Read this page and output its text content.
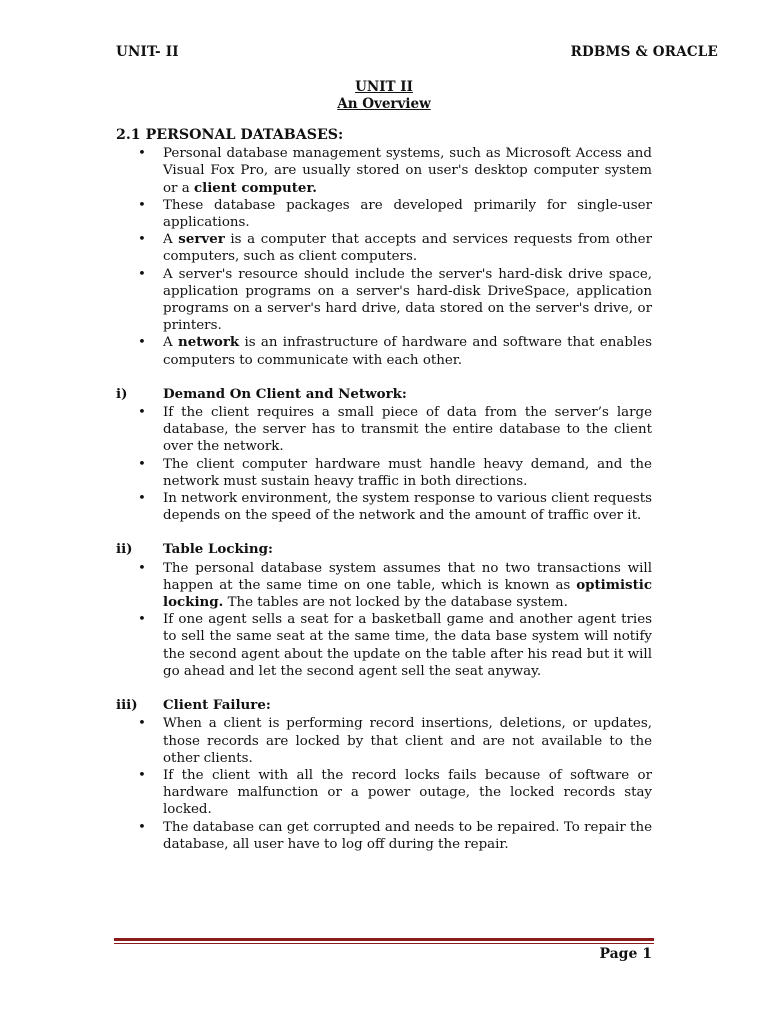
UNIT- II	RDBMS & ORACLE
UNIT II
An Overview
2.1 PERSONAL DATABASES:
• Personal database management systems, such as Microsoft Access and Visual Fox Pro, are usually stored on user's desktop computer system or a client computer.
• These database packages are developed primarily for single-user applications.
• A server is a computer that accepts and services requests from other computers, such as client computers.
• A server's resource should include the server's hard-disk drive space, application programs on a server's hard-disk DriveSpace, application programs on a server's hard drive, data stored on the server's drive, or printers.
• A network is an infrastructure of hardware and software that enables computers to communicate with each other.
i)	Demand On Client and Network:
• If the client requires a small piece of data from the server’s large database, the server has to transmit the entire database to the client over the network.
• The client computer hardware must handle heavy demand, and the network must sustain heavy traffic in both directions.
• In network environment, the system response to various client requests depends on the speed of the network and the amount of traffic over it.
ii)	Table Locking:
• The personal database system assumes that no two transactions will happen at the same time on one table, which is known as optimistic locking. The tables are not locked by the database system.
• If one agent sells a seat for a basketball game and another agent tries to sell the same seat at the same time, the data base system will notify the second agent about the update on the table after his read but it will go ahead and let the second agent sell the seat anyway.
iii)	Client Failure:
• When a client is performing record insertions, deletions, or updates, those records are locked by that client and are not available to the other clients.
• If the client with all the record locks fails because of software or hardware malfunction or a power outage, the locked records stay locked.
• The database can get corrupted and needs to be repaired. To repair the database, all user have to log off during the repair.
Page 1
